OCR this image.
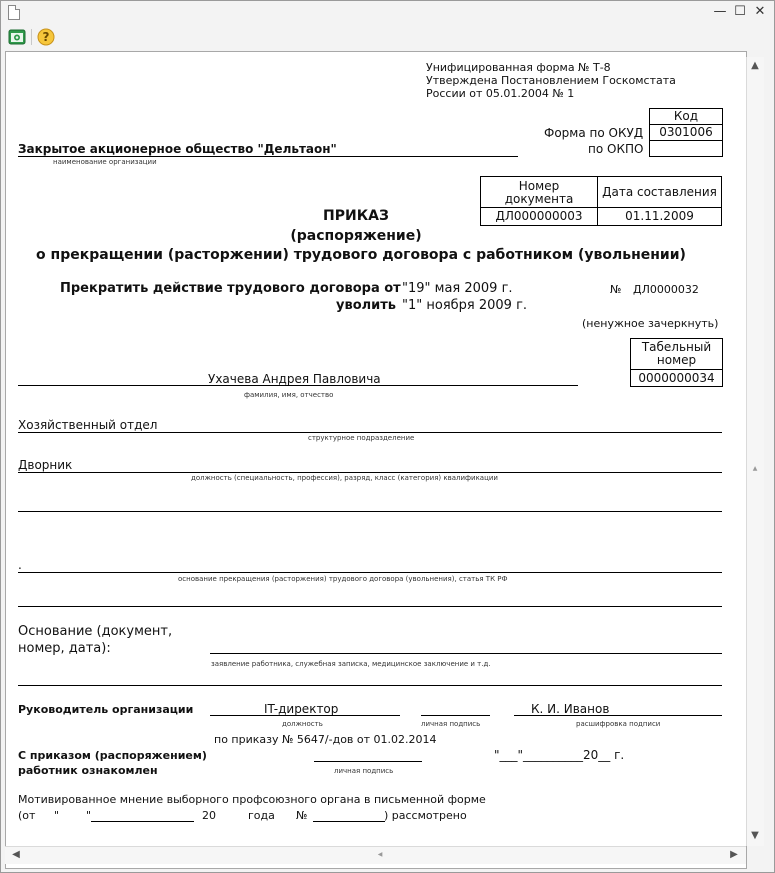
— ☐ ✕
?
Унифицированная форма № Т-8
Утверждена Постановлением Госкомстата
России от 05.01.2004 № 1
Код
Форма по ОКУД	0301006
по ОКПО
Закрытое акционерное общество "Дельтаон"
наименование организации
Номер
документа	Дата составления
ДЛ000000003	01.11.2009
ПРИКАЗ
(распоряжение)
о прекращении (расторжении) трудового договора с работником (увольнении)
Прекратить действие трудового договора от "19" мая 2009 г.	№ ДЛ0000032
уволить "1" ноября 2009 г.
(ненужное зачеркнуть)
Табельный
номер
0000000034
Ухачева Андрея Павловича
фамилия, имя, отчество
Хозяйственный отдел
структурное подразделение
Дворник
должность (специальность, профессия), разряд, класс (категория) квалификации
.
основание прекращения (расторжения) трудового договора (увольнения), статья ТК РФ
Основание (документ,
номер, дата):
заявление работника, служебная записка, медицинское заключение и т.д.
Руководитель организации	IT-директор
должность	личная подпись
К. И. Иванов
расшифровка подписи
по приказу № 5647/-дов от 01.02.2014
С приказом (распоряжением)
работник ознакомлен	личная подпись
"___"__________20__ г.
Мотивированное мнение выборного профсоюзного органа в письменной форме
(от " "	20	года №	) рассмотрено
▲
▲
▼
◀	◀	▶
